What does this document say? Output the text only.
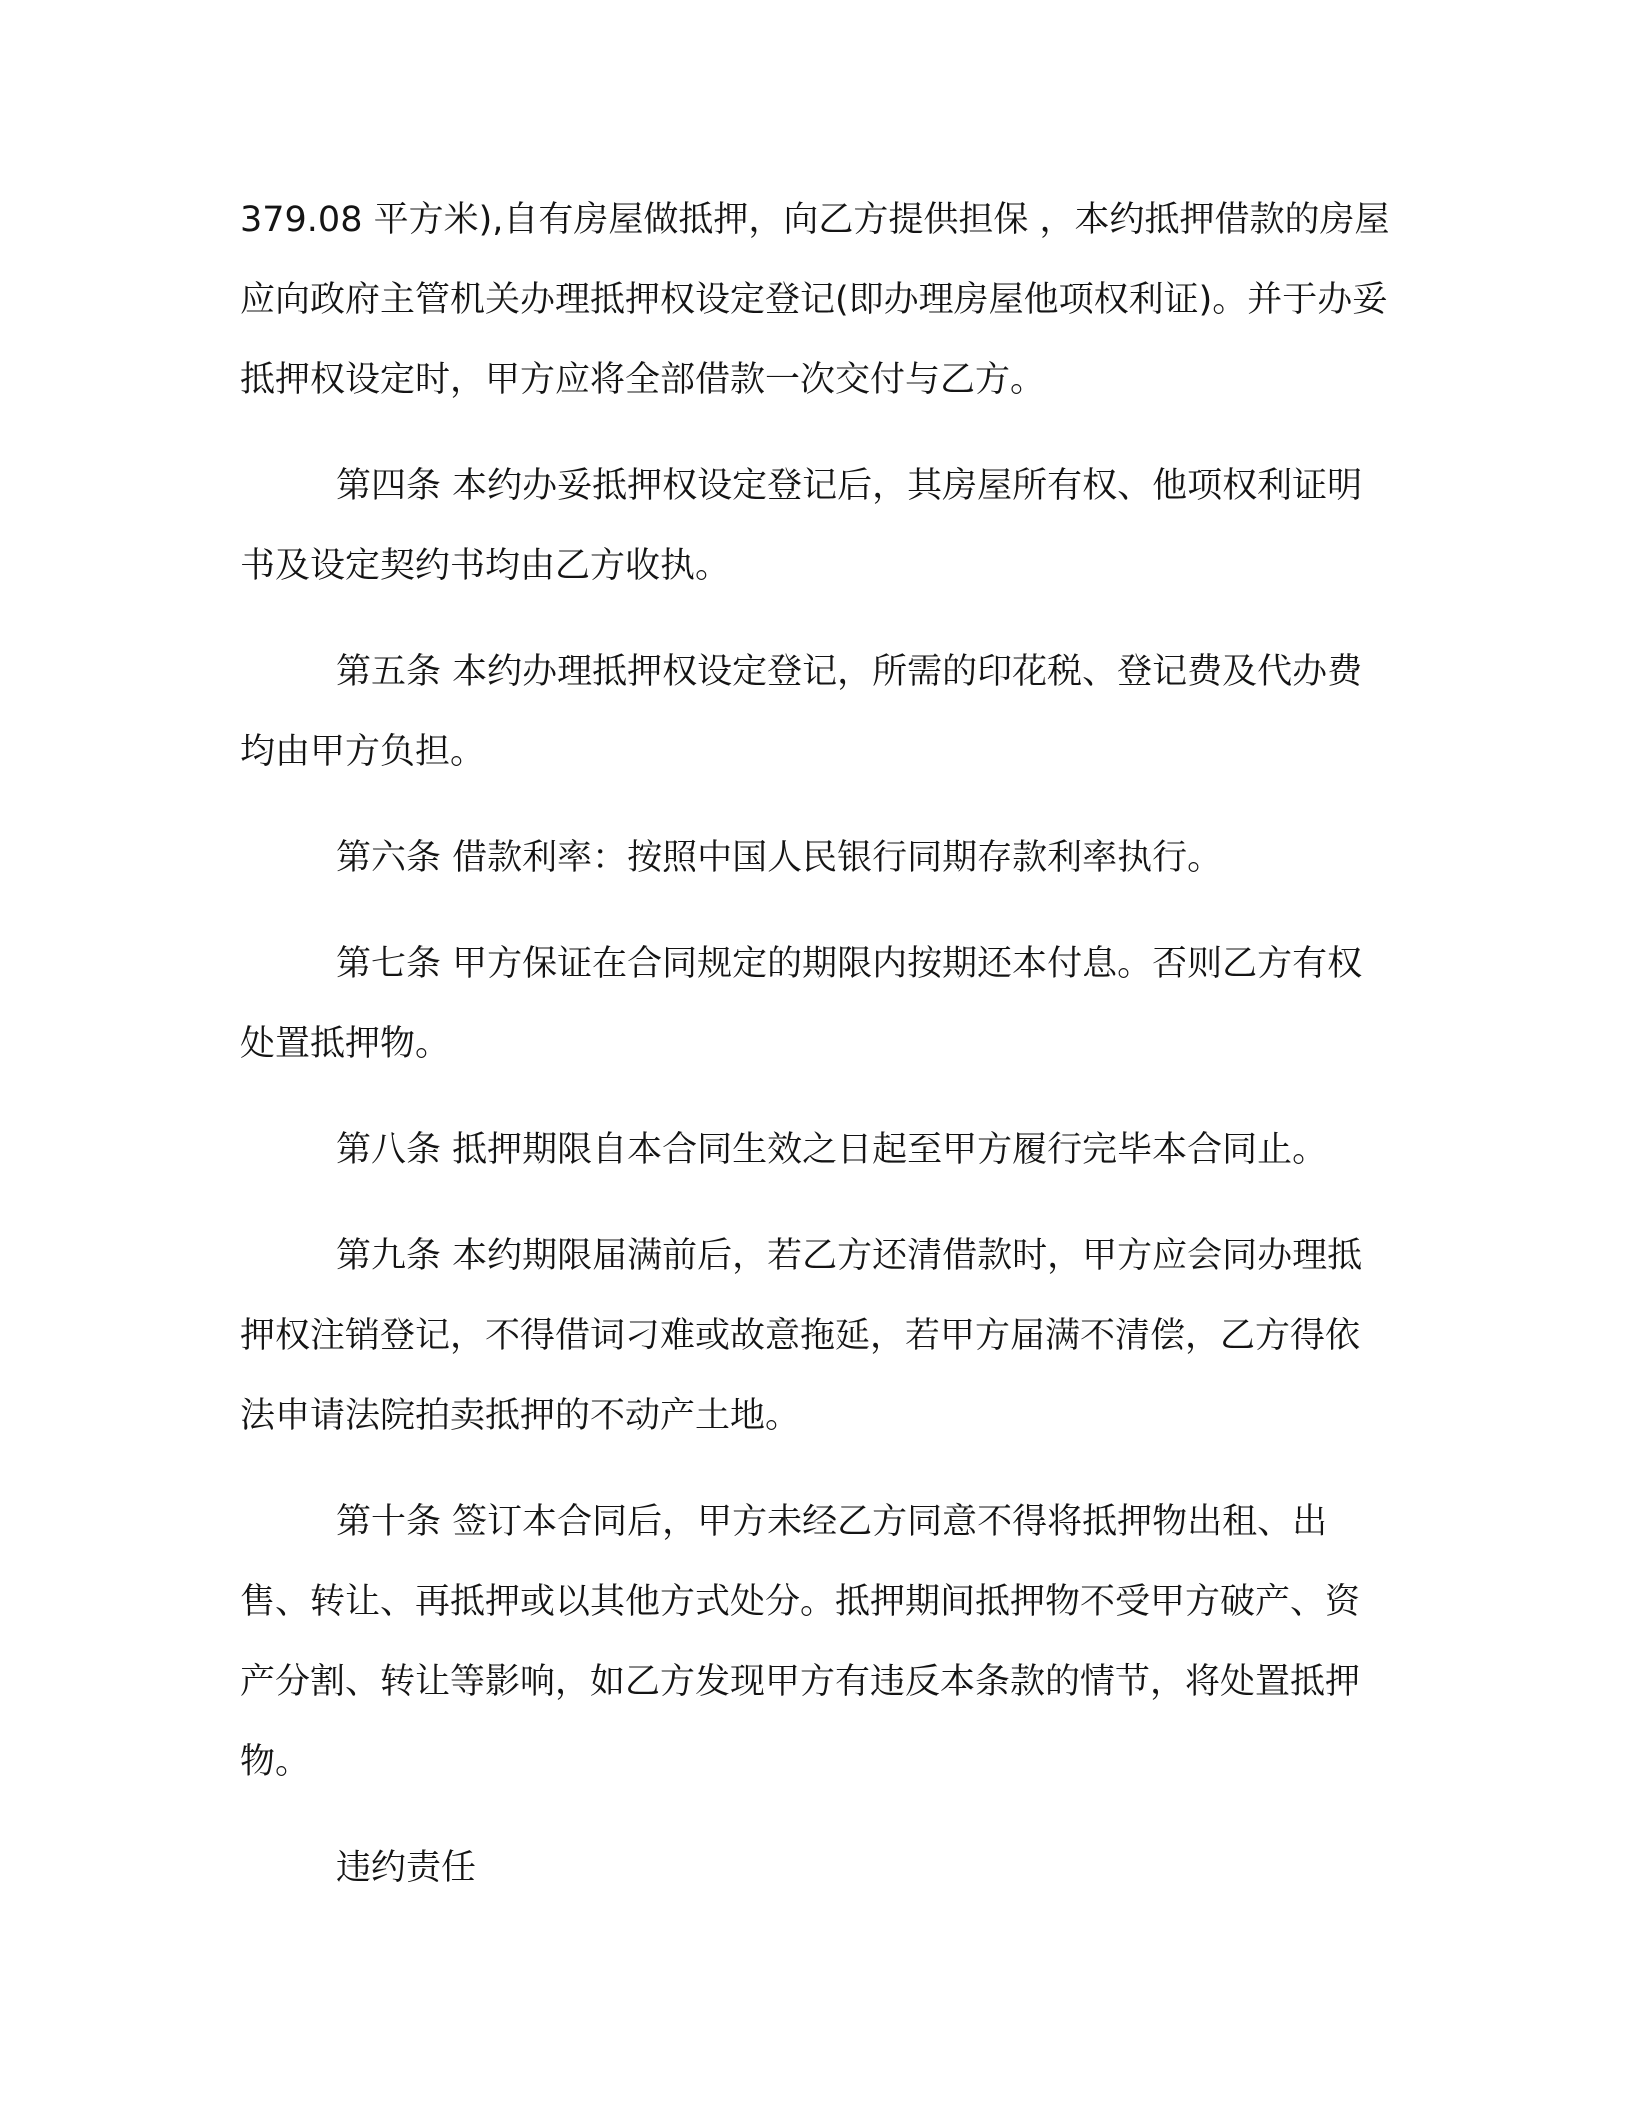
379.08 平方米),自有房屋做抵押，向乙方提供担保 ，本约抵押借款的房屋应向政府主管机关办理抵押权设定登记(即办理房屋他项权利证)。并于办妥抵押权设定时，甲方应将全部借款一次交付与乙方。

第四条 本约办妥抵押权设定登记后，其房屋所有权、他项权利证明书及设定契约书均由乙方收执。

第五条 本约办理抵押权设定登记，所需的印花税、登记费及代办费均由甲方负担。

第六条 借款利率：按照中国人民银行同期存款利率执行。

第七条 甲方保证在合同规定的期限内按期还本付息。否则乙方有权处置抵押物。

第八条 抵押期限自本合同生效之日起至甲方履行完毕本合同止。

第九条 本约期限届满前后，若乙方还清借款时，甲方应会同办理抵押权注销登记，不得借词刁难或故意拖延，若甲方届满不清偿，乙方得依法申请法院拍卖抵押的不动产土地。

第十条 签订本合同后，甲方未经乙方同意不得将抵押物出租、出售、转让、再抵押或以其他方式处分。抵押期间抵押物不受甲方破产、资产分割、转让等影响，如乙方发现甲方有违反本条款的情节，将处置抵押物。

违约责任
